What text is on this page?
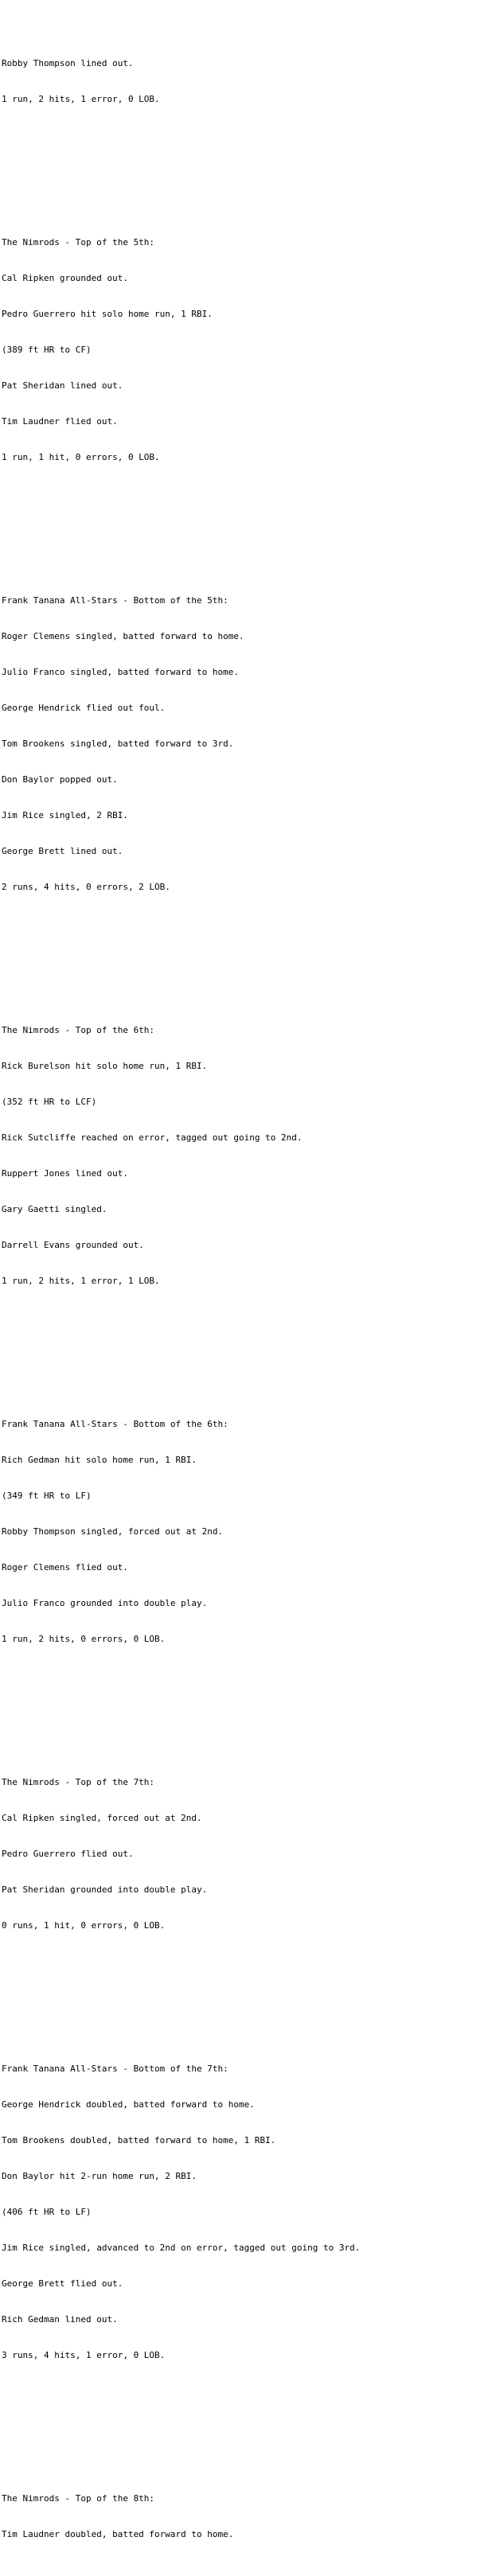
Robby Thompson lined out.

1 run, 2 hits, 1 error, 0 LOB.

The Nimrods - Top of the 5th:

Cal Ripken grounded out.

Pedro Guerrero hit solo home run, 1 RBI.

(389 ft HR to CF)

Pat Sheridan lined out.

Tim Laudner flied out.

1 run, 1 hit, 0 errors, 0 LOB.

Frank Tanana All-Stars - Bottom of the 5th:

Roger Clemens singled, batted forward to home.

Julio Franco singled, batted forward to home.

George Hendrick flied out foul.

Tom Brookens singled, batted forward to 3rd.

Don Baylor popped out.

Jim Rice singled, 2 RBI.

George Brett lined out.

2 runs, 4 hits, 0 errors, 2 LOB.

The Nimrods - Top of the 6th:

Rick Burelson hit solo home run, 1 RBI.

(352 ft HR to LCF)

Rick Sutcliffe reached on error, tagged out going to 2nd.

Ruppert Jones lined out.

Gary Gaetti singled.

Darrell Evans grounded out.

1 run, 2 hits, 1 error, 1 LOB.

Frank Tanana All-Stars - Bottom of the 6th:

Rich Gedman hit solo home run, 1 RBI.

(349 ft HR to LF)

Robby Thompson singled, forced out at 2nd.

Roger Clemens flied out.

Julio Franco grounded into double play.

1 run, 2 hits, 0 errors, 0 LOB.

The Nimrods - Top of the 7th:

Cal Ripken singled, forced out at 2nd.

Pedro Guerrero flied out.

Pat Sheridan grounded into double play.

0 runs, 1 hit, 0 errors, 0 LOB.

Frank Tanana All-Stars - Bottom of the 7th:

George Hendrick doubled, batted forward to home.

Tom Brookens doubled, batted forward to home, 1 RBI.

Don Baylor hit 2-run home run, 2 RBI.

(406 ft HR to LF)

Jim Rice singled, advanced to 2nd on error, tagged out going to 3rd.

George Brett flied out.

Rich Gedman lined out.

3 runs, 4 hits, 1 error, 0 LOB.

The Nimrods - Top of the 8th:

Tim Laudner doubled, batted forward to home.
